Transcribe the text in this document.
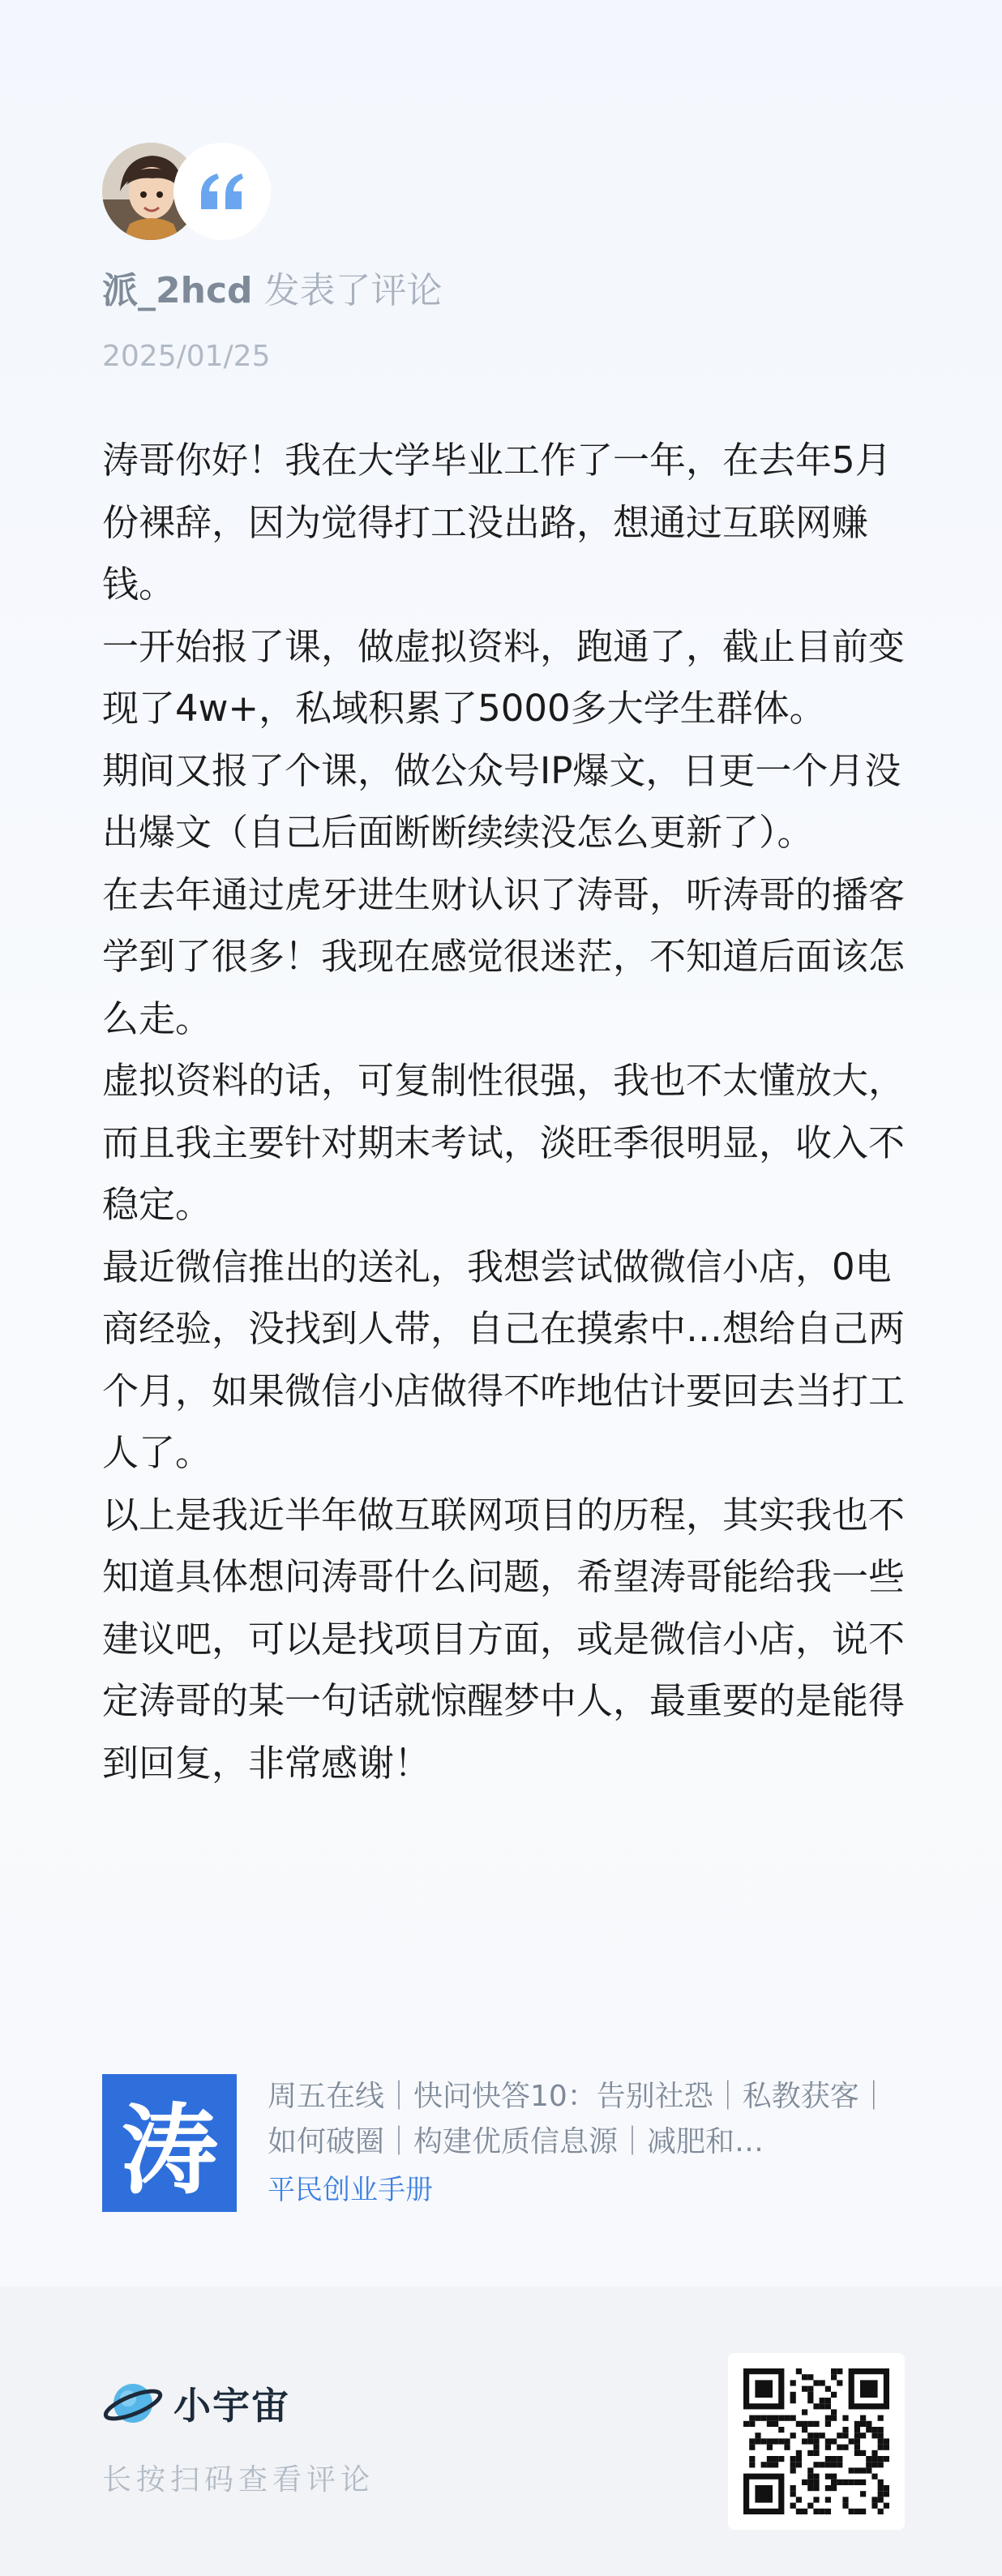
派_2hcd 发表了评论
2025/01/25

涛哥你好！我在大学毕业工作了一年，在去年5月份裸辞，因为觉得打工没出路，想通过互联网赚钱。

一开始报了课，做虚拟资料，跑通了，截止目前变现了4w+，私域积累了5000多大学生群体。

期间又报了个课，做公众号IP爆文，日更一个月没出爆文（自己后面断断续续没怎么更新了）。

在去年通过虎牙进生财认识了涛哥，听涛哥的播客学到了很多！我现在感觉很迷茫，不知道后面该怎么走。

虚拟资料的话，可复制性很强，我也不太懂放大，而且我主要针对期末考试，淡旺季很明显，收入不稳定。

最近微信推出的送礼，我想尝试做微信小店，0电商经验，没找到人带，自己在摸索中…想给自己两个月，如果微信小店做得不咋地估计要回去当打工人了。

以上是我近半年做互联网项目的历程，其实我也不知道具体想问涛哥什么问题，希望涛哥能给我一些建议吧，可以是找项目方面，或是微信小店，说不定涛哥的某一句话就惊醒梦中人，最重要的是能得到回复，非常感谢！

涛	周五在线｜快问快答10：告别社恐｜私教获客｜如何破圈｜构建优质信息源｜减肥和…

平民创业手册
小宇宙
长按扫码查看评论
